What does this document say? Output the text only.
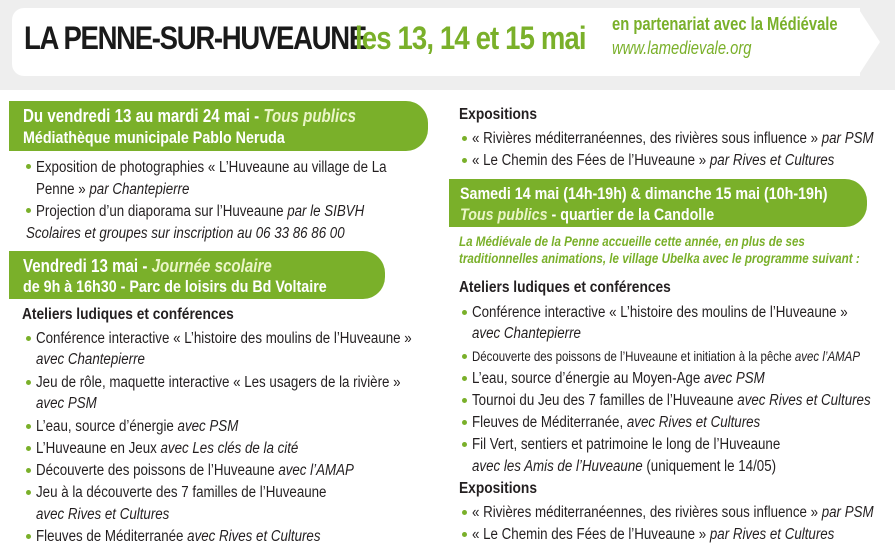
LA PENNE-SUR-HUVEAUNE
les 13, 14 et 15 mai en partenariat avec la Médiévale
www.lamedievale.org
Du vendredi 13 au mardi 24 mai - Tous publics
Médiathèque municipale Pablo Neruda
Exposition de photographies « L’Huveaune au village de La
Penne » par Chantepierre
Projection d’un diaporama sur l’Huveaune par le SIBVH
Scolaires et groupes sur inscription au 06 33 86 86 00
Vendredi 13 mai - Journée scolaire
de 9h à 16h30 - Parc de loisirs du Bd Voltaire
Ateliers ludiques et conférences
Conférence interactive « L’histoire des moulins de l’Huveaune »
avec Chantepierre
Jeu de rôle, maquette interactive « Les usagers de la rivière »
avec PSM
L’eau, source d’énergie avec PSM
L’Huveaune en Jeux avec Les clés de la cité
Découverte des poissons de l’Huveaune avec l’AMAP
Jeu à la découverte des 7 familles de l’Huveaune
avec Rives et Cultures
Fleuves de Méditerranée avec Rives et Cultures
Expositions
« Rivières méditerranéennes, des rivières sous influence » par PSM
« Le Chemin des Fées de l’Huveaune » par Rives et Cultures
Samedi 14 mai (14h-19h) & dimanche 15 mai (10h-19h)
Tous publics - quartier de la Candolle
La Médiévale de la Penne accueille cette année, en plus de ses
traditionnelles animations, le village Ubelka avec le programme suivant :
Ateliers ludiques et conférences
Conférence interactive « L’histoire des moulins de l’Huveaune »
avec Chantepierre
Découverte des poissons de l’Huveaune et initiation à la pêche avec l’AMAP
L’eau, source d’énergie au Moyen-Age avec PSM
Tournoi du Jeu des 7 familles de l’Huveaune avec Rives et Cultures
Fleuves de Méditerranée, avec Rives et Cultures
Fil Vert, sentiers et patrimoine le long de l’Huveaune
avec les Amis de l’Huveaune (uniquement le 14/05)
Expositions
« Rivières méditerranéennes, des rivières sous influence » par PSM
« Le Chemin des Fées de l’Huveaune » par Rives et Cultures
